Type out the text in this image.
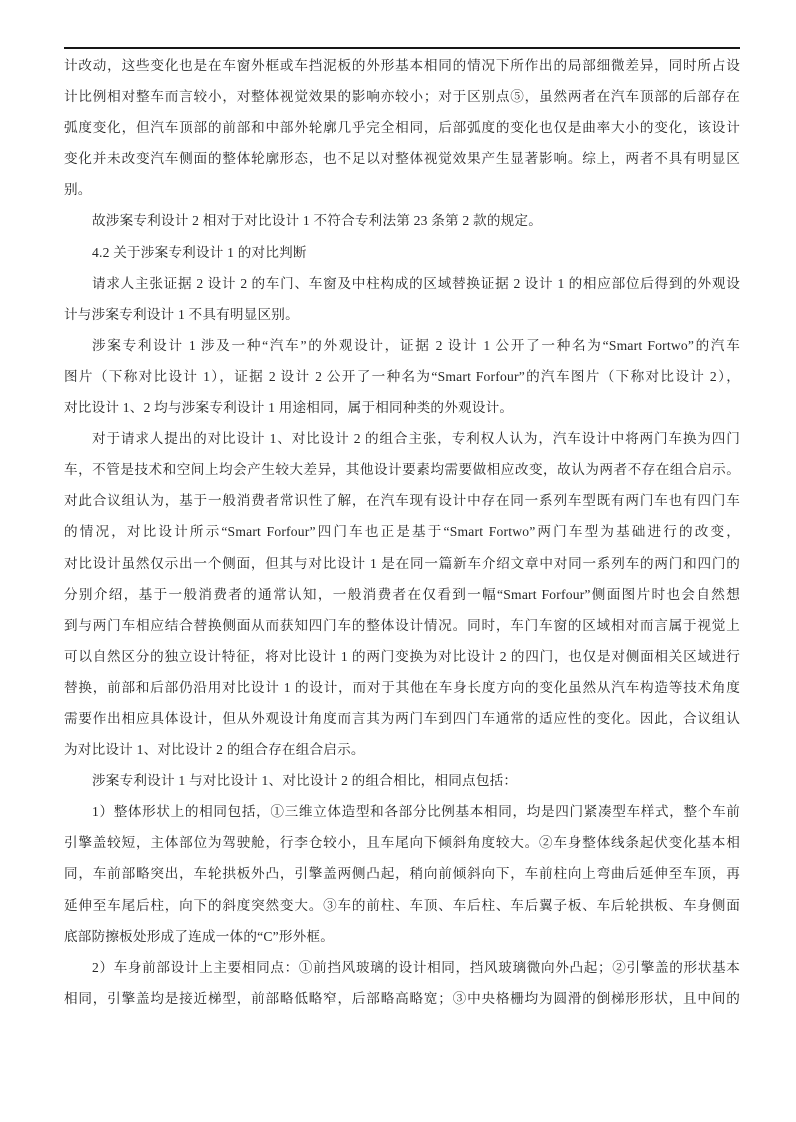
计改动，这些变化也是在车窗外框或车挡泥板的外形基本相同的情况下所作出的局部细微差异，同时所占设
计比例相对整车而言较小，对整体视觉效果的影响亦较小；对于区别点⑤，虽然两者在汽车顶部的后部存在
弧度变化，但汽车顶部的前部和中部外轮廓几乎完全相同，后部弧度的变化也仅是曲率大小的变化，该设计
变化并未改变汽车侧面的整体轮廓形态，也不足以对整体视觉效果产生显著影响。综上，两者不具有明显区
别。
故涉案专利设计 2 相对于对比设计 1 不符合专利法第 23 条第 2 款的规定。
4.2 关于涉案专利设计 1 的对比判断
请求人主张证据 2 设计 2 的车门、车窗及中柱构成的区域替换证据 2 设计 1 的相应部位后得到的外观设
计与涉案专利设计 1 不具有明显区别。
涉案专利设计 1 涉及一种“汽车”的外观设计，证据 2 设计 1 公开了一种名为“Smart Fortwo”的汽车
图片（下称对比设计 1），证据 2 设计 2 公开了一种名为“Smart Forfour”的汽车图片（下称对比设计 2），
对比设计 1、2 均与涉案专利设计 1 用途相同，属于相同种类的外观设计。
对于请求人提出的对比设计 1、对比设计 2 的组合主张，专利权人认为，汽车设计中将两门车换为四门
车，不管是技术和空间上均会产生较大差异，其他设计要素均需要做相应改变，故认为两者不存在组合启示。
对此合议组认为，基于一般消费者常识性了解，在汽车现有设计中存在同一系列车型既有两门车也有四门车
的情况，对比设计所示“Smart Forfour”四门车也正是基于“Smart Fortwo”两门车型为基础进行的改变，
对比设计虽然仅示出一个侧面，但其与对比设计 1 是在同一篇新车介绍文章中对同一系列车的两门和四门的
分别介绍，基于一般消费者的通常认知，一般消费者在仅看到一幅“Smart Forfour”侧面图片时也会自然想
到与两门车相应结合替换侧面从而获知四门车的整体设计情况。同时，车门车窗的区域相对而言属于视觉上
可以自然区分的独立设计特征，将对比设计 1 的两门变换为对比设计 2 的四门，也仅是对侧面相关区域进行
替换，前部和后部仍沿用对比设计 1 的设计，而对于其他在车身长度方向的变化虽然从汽车构造等技术角度
需要作出相应具体设计，但从外观设计角度而言其为两门车到四门车通常的适应性的变化。因此，合议组认
为对比设计 1、对比设计 2 的组合存在组合启示。
涉案专利设计 1 与对比设计 1、对比设计 2 的组合相比，相同点包括：
1）整体形状上的相同包括，①三维立体造型和各部分比例基本相同，均是四门紧凑型车样式，整个车前
引擎盖较短，主体部位为驾驶舱，行李仓较小，且车尾向下倾斜角度较大。②车身整体线条起伏变化基本相
同，车前部略突出，车轮拱板外凸，引擎盖两侧凸起，稍向前倾斜向下，车前柱向上弯曲后延伸至车顶，再
延伸至车尾后柱，向下的斜度突然变大。③车的前柱、车顶、车后柱、车后翼子板、车后轮拱板、车身侧面
底部防擦板处形成了连成一体的“C”形外框。
2）车身前部设计上主要相同点：①前挡风玻璃的设计相同，挡风玻璃微向外凸起；②引擎盖的形状基本
相同，引擎盖均是接近梯型，前部略低略窄，后部略高略宽；③中央格栅均为圆滑的倒梯形形状，且中间的
